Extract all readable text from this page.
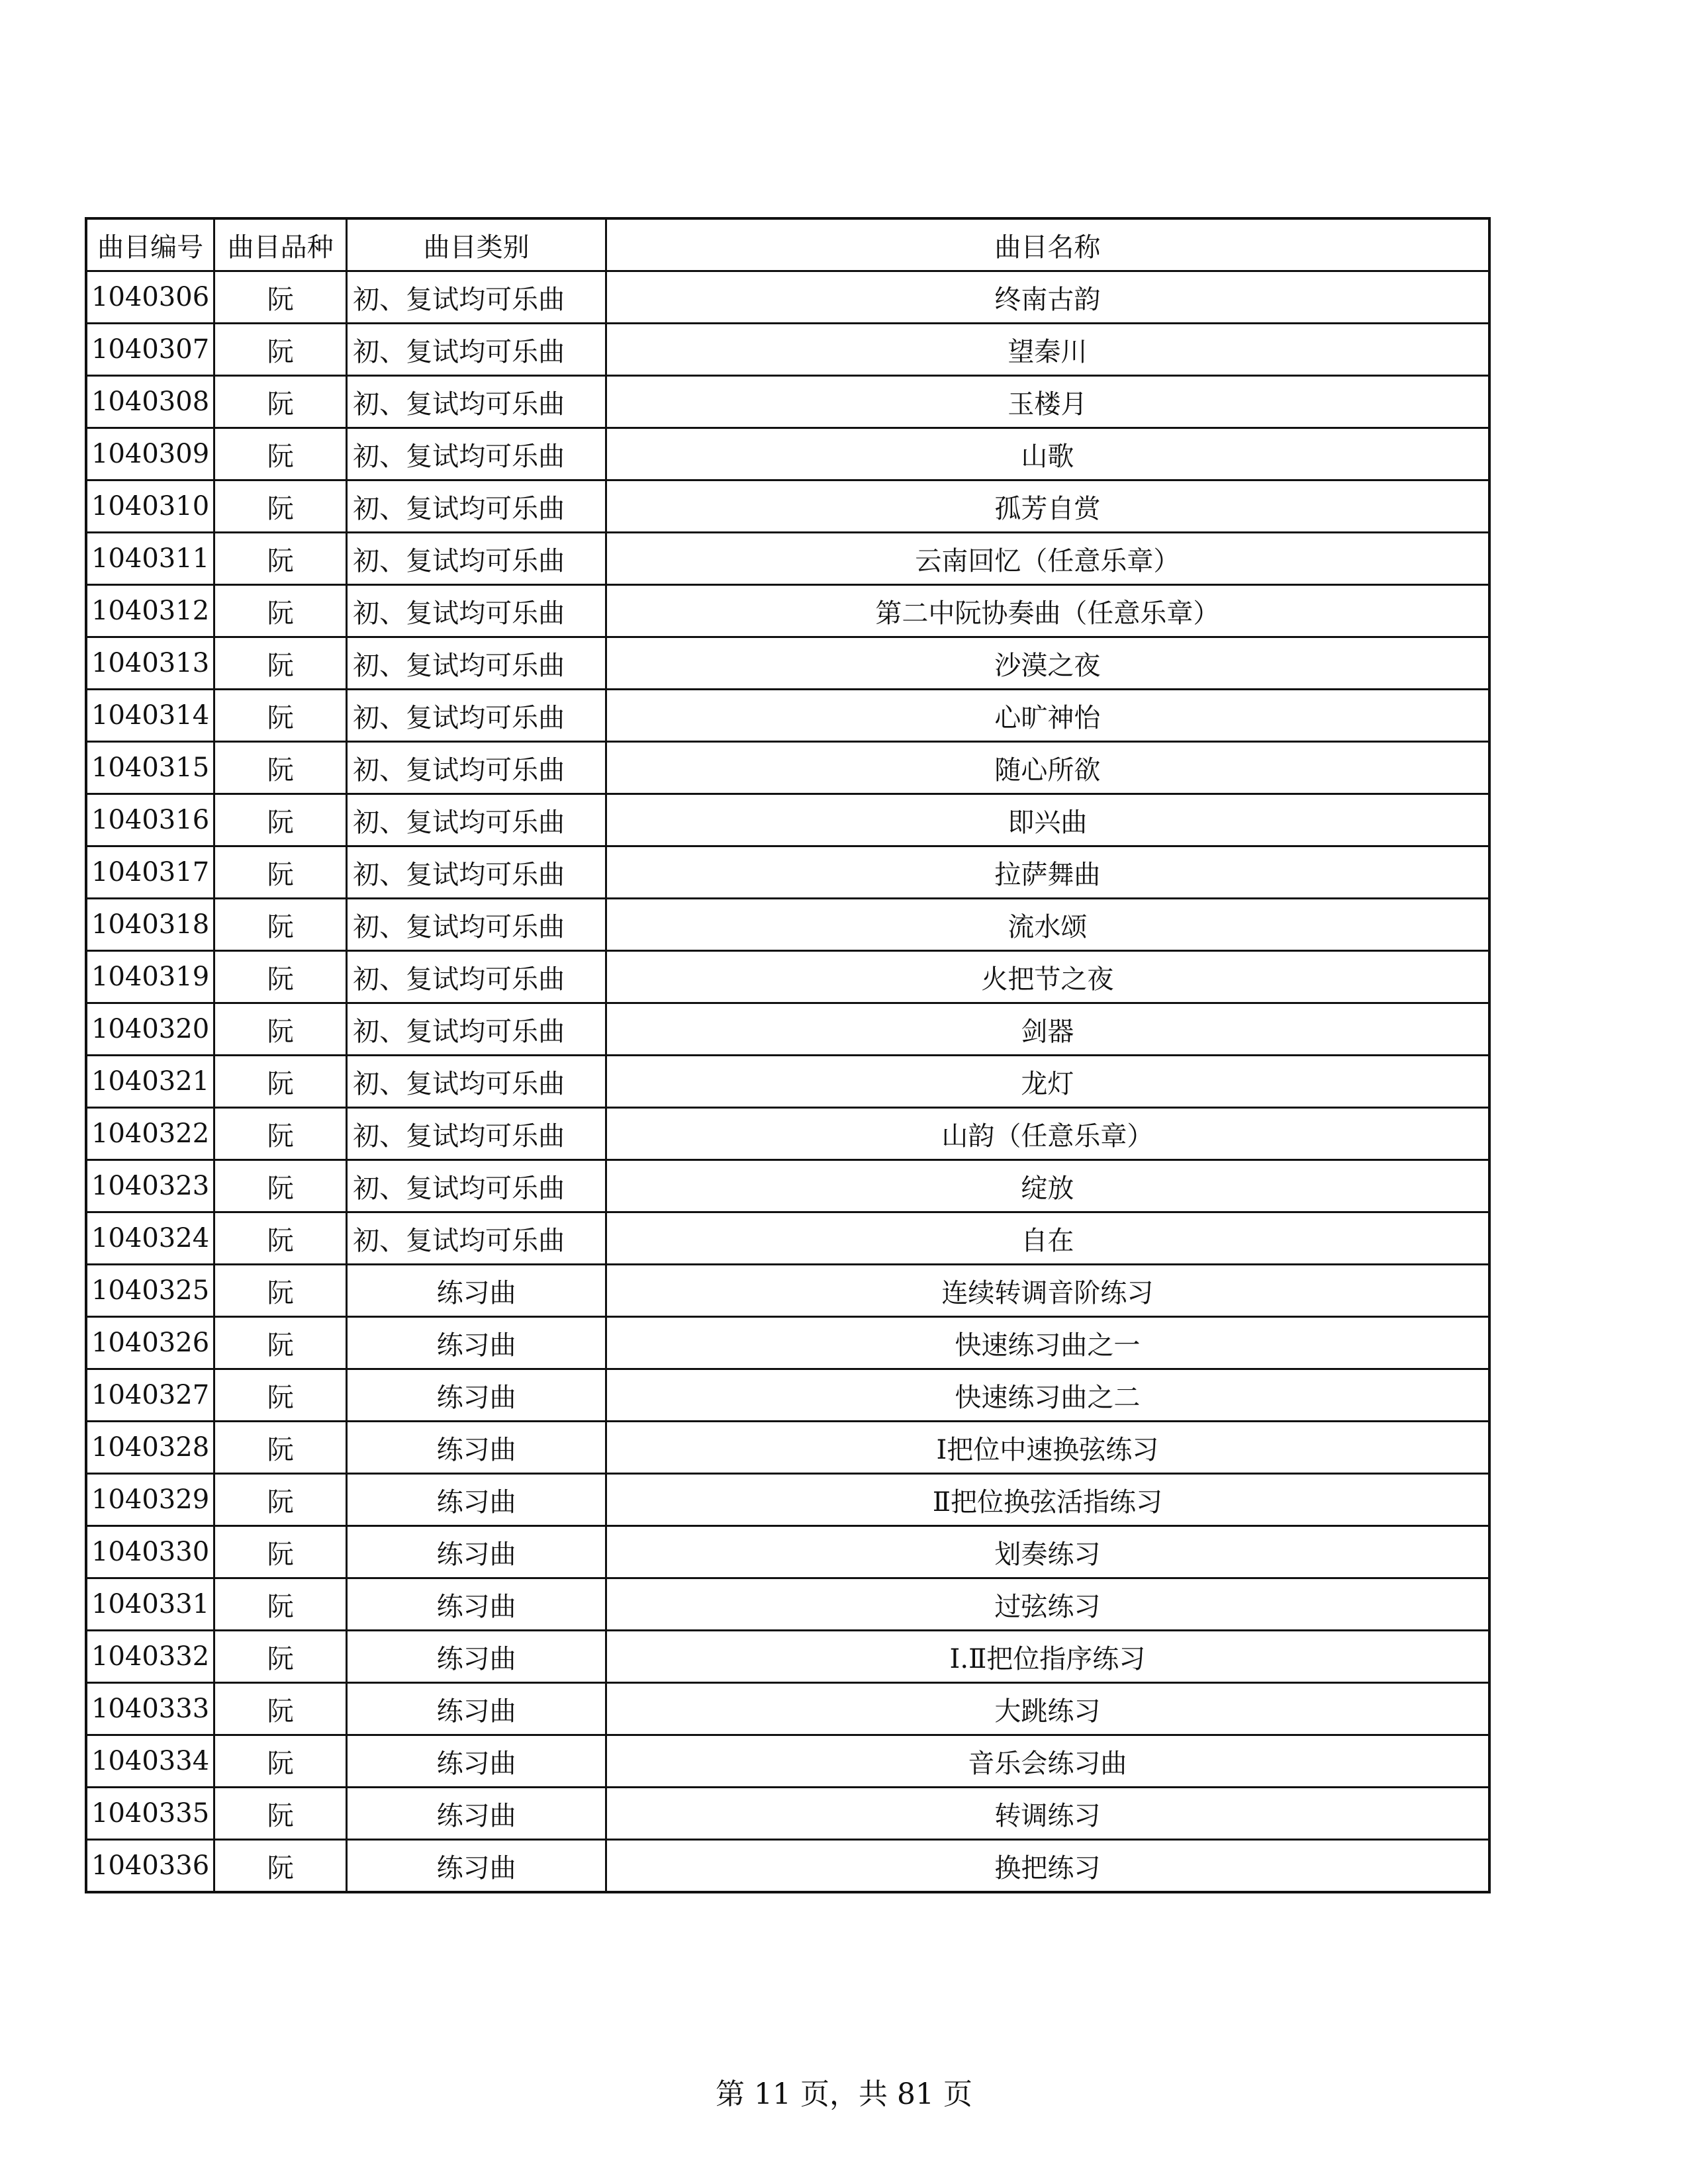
曲目编号	曲目品种	曲目类别	曲目名称
1040306	阮	初、复试均可乐曲	终南古韵
1040307	阮	初、复试均可乐曲	望秦川
1040308	阮	初、复试均可乐曲	玉楼月
1040309	阮	初、复试均可乐曲	山歌
1040310	阮	初、复试均可乐曲	孤芳自赏
1040311	阮	初、复试均可乐曲	云南回忆（任意乐章）
1040312	阮	初、复试均可乐曲	第二中阮协奏曲（任意乐章）
1040313	阮	初、复试均可乐曲	沙漠之夜
1040314	阮	初、复试均可乐曲	心旷神怡
1040315	阮	初、复试均可乐曲	随心所欲
1040316	阮	初、复试均可乐曲	即兴曲
1040317	阮	初、复试均可乐曲	拉萨舞曲
1040318	阮	初、复试均可乐曲	流水颂
1040319	阮	初、复试均可乐曲	火把节之夜
1040320	阮	初、复试均可乐曲	剑器
1040321	阮	初、复试均可乐曲	龙灯
1040322	阮	初、复试均可乐曲	山韵（任意乐章）
1040323	阮	初、复试均可乐曲	绽放
1040324	阮	初、复试均可乐曲	自在
1040325	阮	练习曲	连续转调音阶练习
1040326	阮	练习曲	快速练习曲之一
1040327	阮	练习曲	快速练习曲之二
1040328	阮	练习曲	Ⅰ把位中速换弦练习
1040329	阮	练习曲	Ⅱ把位换弦活指练习
1040330	阮	练习曲	划奏练习
1040331	阮	练习曲	过弦练习
1040332	阮	练习曲	Ⅰ.Ⅱ把位指序练习
1040333	阮	练习曲	大跳练习
1040334	阮	练习曲	音乐会练习曲
1040335	阮	练习曲	转调练习
1040336	阮	练习曲	换把练习
第 11 页，共 81 页
